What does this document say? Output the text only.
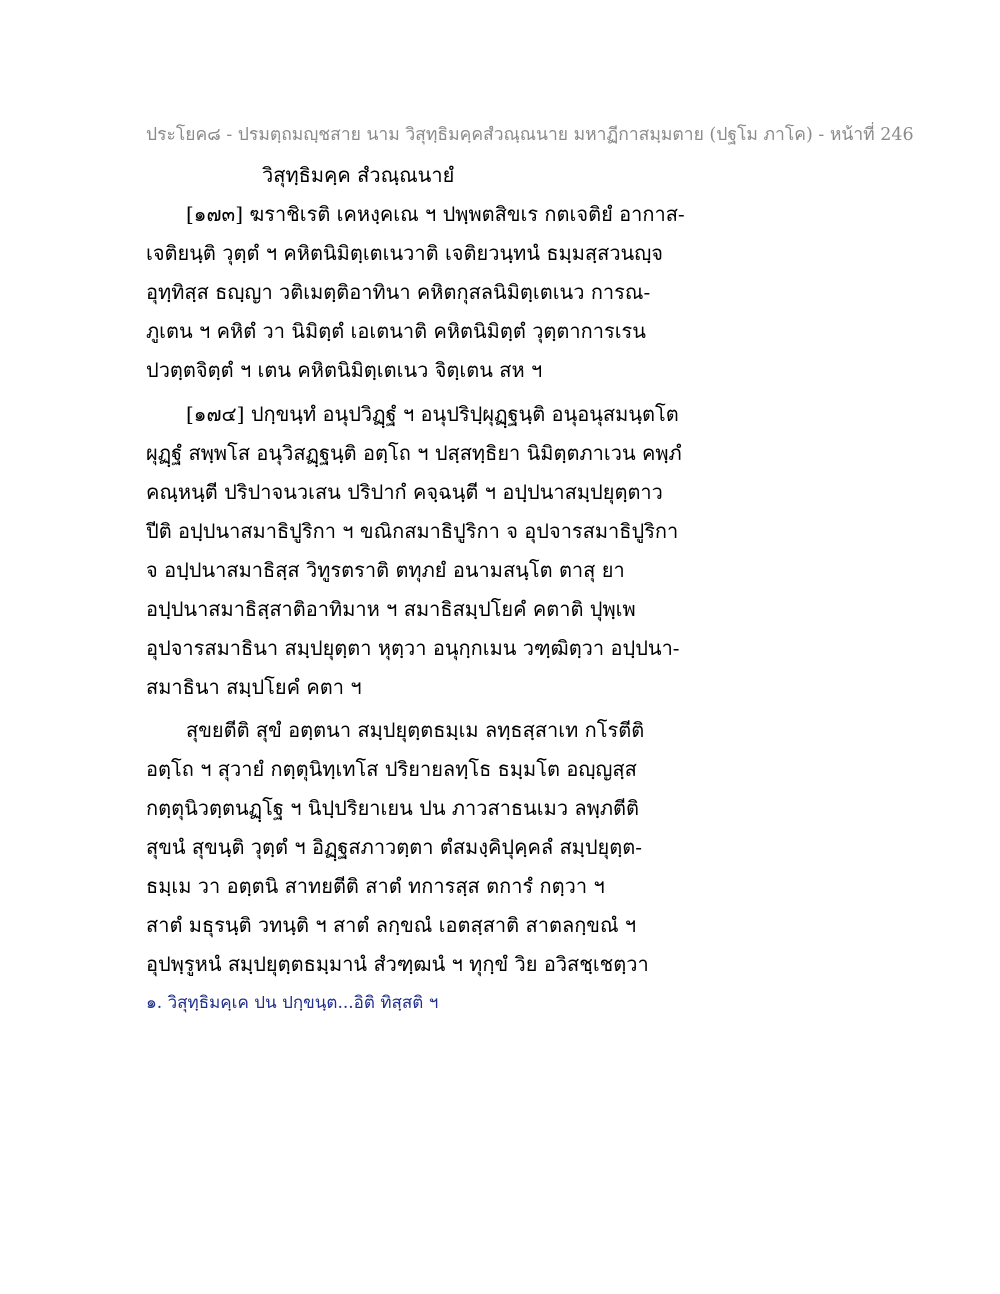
ประโยค๘ - ปรมตฺถมญฺชสาย นาม วิสุทฺธิมคฺคสํวณฺณนาย มหาฏีกาสมฺมตาย (ปฐโม ภาโค) - หน้าที่ 246
วิสุทฺธิมคฺค สํวณฺณนายํ
[๑๗๓] ฆราชิเรติ เคหงฺคเณ ฯ ปพฺพตสิขเร กตเจติยํ อากาส-
เจติยนฺติ วุตฺตํ ฯ คหิตนิมิตฺเตเนวาติ เจติยวนฺทนํ ธมฺมสฺสวนญฺจ
อุทฺทิสฺส ธญฺญา วติเมตฺติอาทินา คหิตกุสลนิมิตฺเตเนว การณ-
ภูเตน ฯ คหิตํ วา นิมิตฺตํ เอเตนาติ คหิตนิมิตฺตํ วุตฺตาการเรน
ปวตฺตจิตฺตํ ฯ เตน คหิตนิมิตฺเตเนว จิตฺเตน สห ฯ
[๑๗๔] ปกฺขนฺทํ อนุปวิฏฺฐํ ฯ อนุปริปฺผุฏฺฐนฺติ อนุอนุสมนฺตโต
ผุฏฺฐํ สพฺพโส อนุวิสฏฺฐนฺติ อตฺโถ ฯ ปสฺสทฺธิยา นิมิตฺตภาเวน คพฺภํ
คณฺหนฺตี ปริปาจนวเสน ปริปากํ คจฺฉนฺตี ฯ อปฺปนาสมฺปยุตฺตาว
ปีติ อปฺปนาสมาธิปูริกา ฯ ขณิกสมาธิปูริกา จ อุปจารสมาธิปูริกา
จ อปฺปนาสมาธิสฺส วิทูรตราติ ตทุภยํ อนามสนฺโต ตาสุ ยา
อปฺปนาสมาธิสฺสาติอาทิมาห ฯ สมาธิสมฺปโยคํ คตาติ ปุพฺเพ
อุปจารสมาธินา สมฺปยุตฺตา หุตฺวา อนุกฺกเมน วฑฺฒิตฺวา อปฺปนา-
สมาธินา สมฺปโยคํ คตา ฯ
สุขยตีติ สุขํ อตฺตนา สมฺปยุตฺตธมฺเม ลทฺธสฺสาเท กโรตีติ
อตฺโถ ฯ สุวายํ กตฺตุนิทฺเทโส ปริยายลทฺโธ ธมฺมโต อญฺญสฺส
กตฺตุนิวตฺตนฏฺโฐ ฯ นิปฺปริยาเยน ปน ภาวสาธนเมว ลพฺภตีติ
สุขนํ สุขนฺติ วุตฺตํ ฯ อิฏฺฐสภาวตฺตา ตํสมงฺคิปุคฺคลํ สมฺปยุตฺต-
ธมฺเม วา อตฺตนิ สาทยตีติ สาตํ ทการสฺส ตการํ กตฺวา ฯ
สาตํ มธุรนฺติ วทนฺติ ฯ สาตํ ลกฺขณํ เอตสฺสาติ สาตลกฺขณํ ฯ
อุปพฺรูหนํ สมฺปยุตฺตธมฺมานํ สํวฑฺฒนํ ฯ ทุกฺขํ วิย อวิสชฺเชตฺวา
๑. วิสุทฺธิมคฺเค ปน ปกฺขนฺต...อิติ ทิสฺสติ ฯ
